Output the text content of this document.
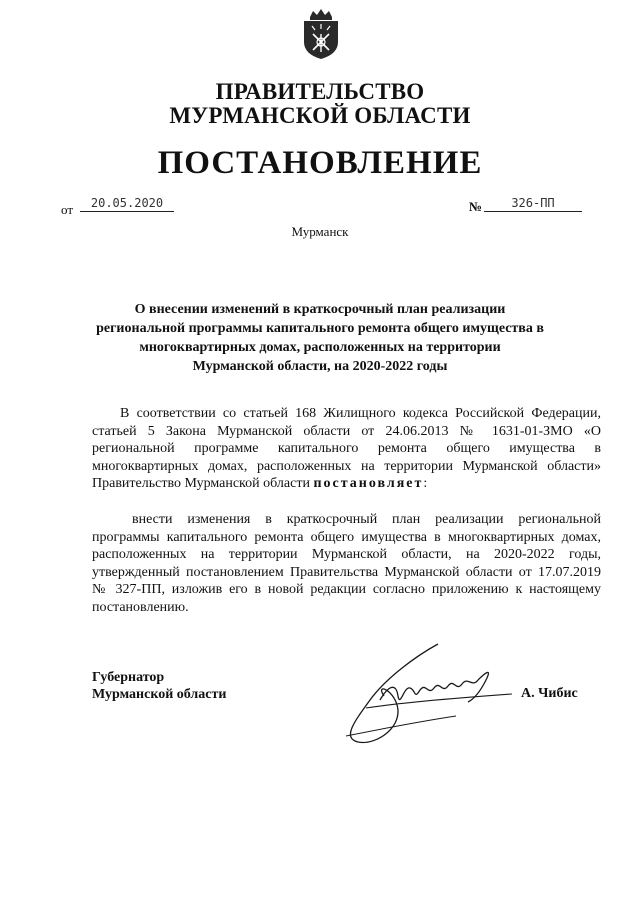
ПРАВИТЕЛЬСТВО
МУРМАНСКОЙ ОБЛАСТИ
ПОСТАНОВЛЕНИЕ
от	20.05.2020	№	326-ПП
Мурманск
О внесении изменений в краткосрочный план реализации
региональной программы капитального ремонта общего имущества в
многоквартирных домах, расположенных на территории
Мурманской области, на 2020-2022 годы
В соответствии со статьей 168 Жилищного кодекса Российской Федерации, статьей 5 Закона Мурманской области от 24.06.2013 № 1631-01-ЗМО «О региональной программе капитального ремонта общего имущества в многоквартирных домах, расположенных на территории Мурманской области» Правительство Мурманской области постановляет:
внести изменения в краткосрочный план реализации региональной программы капитального ремонта общего имущества в многоквартирных домах, расположенных на территории Мурманской области, на 2020-2022 годы, утвержденный постановлением Правительства Мурманской области от 17.07.2019 № 327-ПП, изложив его в новой редакции согласно приложению к настоящему постановлению.
Губернатор
Мурманской области	А. Чибис
